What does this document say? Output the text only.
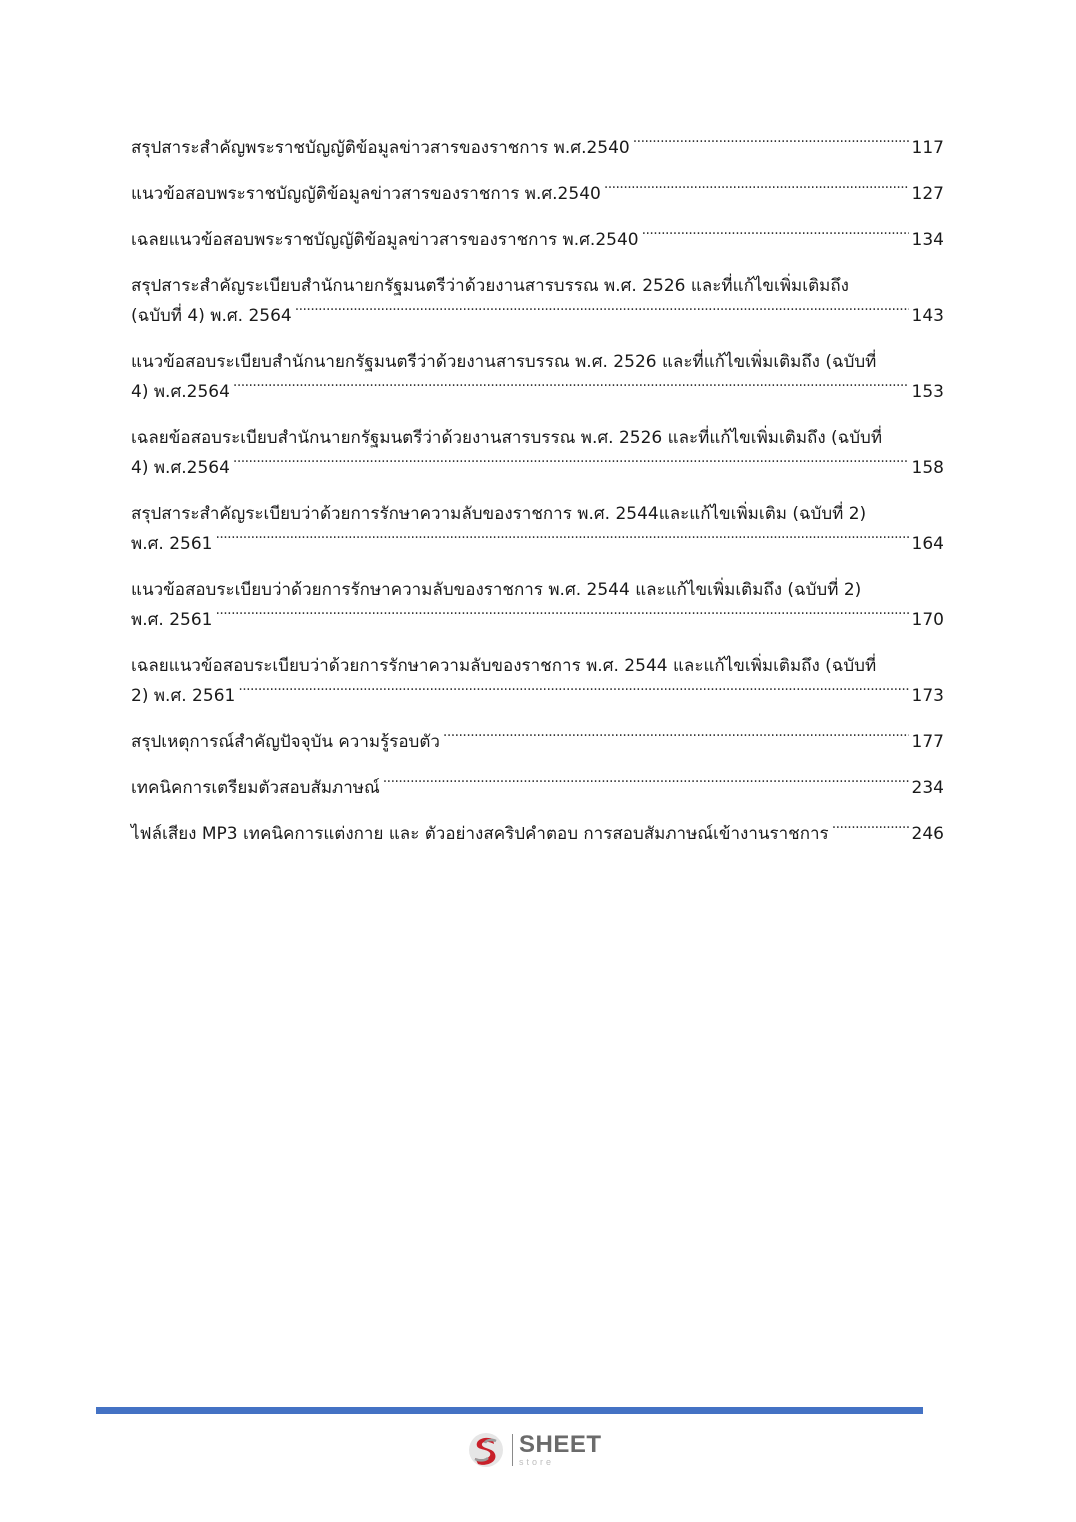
สรุปสาระสำคัญพระราชบัญญัติข้อมูลข่าวสารของราชการ พ.ศ.2540 . . .	117
แนวข้อสอบพระราชบัญญัติข้อมูลข่าวสารของราชการ พ.ศ.2540 . . .	127
เฉลยแนวข้อสอบพระราชบัญญัติข้อมูลข่าวสารของราชการ พ.ศ.2540 . . .	134
สรุปสาระสำคัญระเบียบสำนักนายกรัฐมนตรีว่าด้วยงานสารบรรณ พ.ศ. 2526 และที่แก้ไขเพิ่มเติมถึง
(ฉบับที่ 4) พ.ศ. 2564 . . .	143
แนวข้อสอบระเบียบสำนักนายกรัฐมนตรีว่าด้วยงานสารบรรณ พ.ศ. 2526 และที่แก้ไขเพิ่มเติมถึง (ฉบับที่
4) พ.ศ.2564 . . .	153
เฉลยข้อสอบระเบียบสำนักนายกรัฐมนตรีว่าด้วยงานสารบรรณ พ.ศ. 2526 และที่แก้ไขเพิ่มเติมถึง (ฉบับที่
4) พ.ศ.2564 . . .	158
สรุปสาระสำคัญระเบียบว่าด้วยการรักษาความลับของราชการ พ.ศ. 2544และแก้ไขเพิ่มเติม (ฉบับที่ 2)
พ.ศ. 2561 . . .	164
แนวข้อสอบระเบียบว่าด้วยการรักษาความลับของราชการ พ.ศ. 2544 และแก้ไขเพิ่มเติมถึง (ฉบับที่ 2)
พ.ศ. 2561 . . .	170
เฉลยแนวข้อสอบระเบียบว่าด้วยการรักษาความลับของราชการ พ.ศ. 2544 และแก้ไขเพิ่มเติมถึง (ฉบับที่
2) พ.ศ. 2561 . . .	173
สรุปเหตุการณ์สำคัญปัจจุบัน ความรู้รอบตัว . . .	177
เทคนิคการเตรียมตัวสอบสัมภาษณ์ . . .	234
ไฟล์เสียง MP3 เทคนิคการแต่งกาย และ ตัวอย่างสคริปคำตอบ การสอบสัมภาษณ์เข้างานราชการ . . .	246
SHEET
store
